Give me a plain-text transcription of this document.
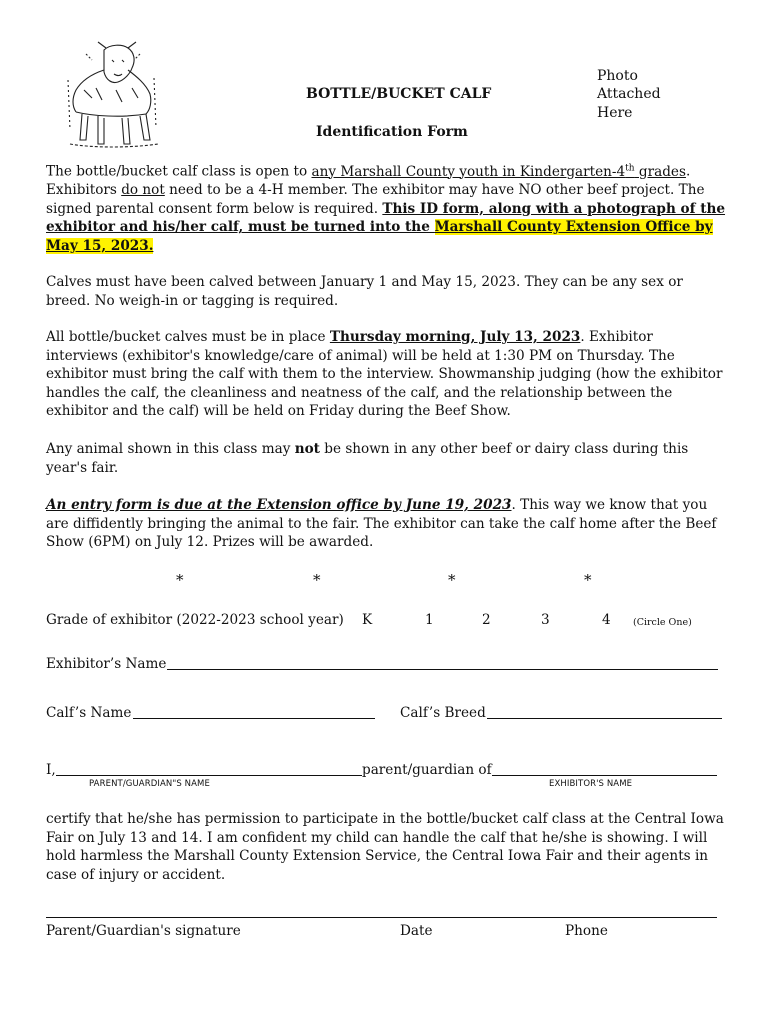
BOTTLE/BUCKET CALF
Identification Form
Photo
Attached
Here

The bottle/bucket calf class is open to any Marshall County youth in Kindergarten-4th grades. Exhibitors do not need to be a 4-H member. The exhibitor may have NO other beef project. The signed parental consent form below is required. This ID form, along with a photograph of the exhibitor and his/her calf, must be turned into the Marshall County Extension Office by May 15, 2023.

Calves must have been calved between January 1 and May 15, 2023. They can be any sex or breed. No weigh-in or tagging is required.

All bottle/bucket calves must be in place Thursday morning, July 13, 2023. Exhibitor interviews (exhibitor's knowledge/care of animal) will be held at 1:30 PM on Thursday. The exhibitor must bring the calf with them to the interview. Showmanship judging (how the exhibitor handles the calf, the cleanliness and neatness of the calf, and the relationship between the exhibitor and the calf) will be held on Friday during the Beef Show.

Any animal shown in this class may not be shown in any other beef or dairy class during this year's fair.

An entry form is due at the Extension office by June 19, 2023. This way we know that you are diffidently bringing the animal to the fair. The exhibitor can take the calf home after the Beef Show (6PM) on July 12. Prizes will be awarded.

*	*	*	*
Grade of exhibitor (2022-2023 school year) K	1	2	3	4 (Circle One)
Exhibitor’s Name
Calf’s Name	Calf’s Breed
I,	parent/guardian of
PARENT/GUARDIAN"S NAME	EXHIBITOR'S NAME

certify that he/she has permission to participate in the bottle/bucket calf class at the Central Iowa Fair on July 13 and 14. I am confident my child can handle the calf that he/she is showing. I will hold harmless the Marshall County Extension Service, the Central Iowa Fair and their agents in case of injury or accident.

Parent/Guardian's signature	Date	Phone
